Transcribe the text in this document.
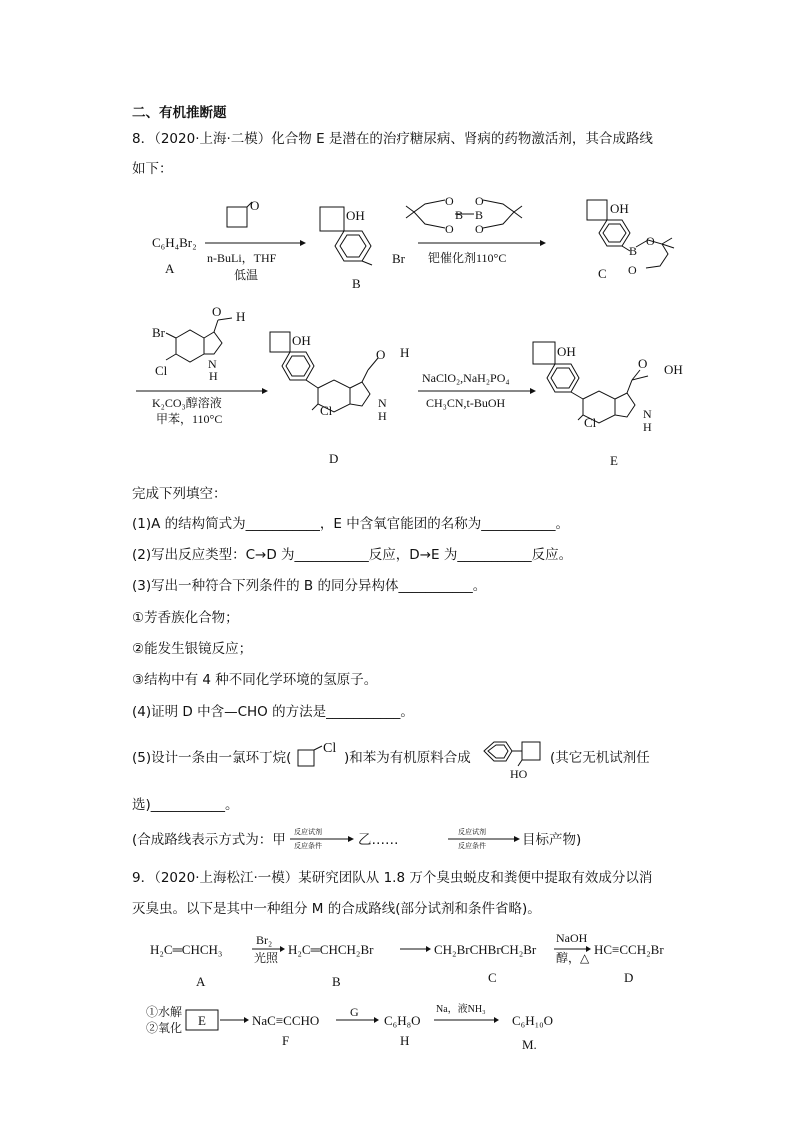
二、有机推断题
8．（2020·上海·二模）化合物 E 是潜在的治疗糖尿病、肾病的药物激活剂，其合成路线
如下：
C₆H₄Br₂
A
O
n-BuLi，THF
低温
OH
Br
B
O
O
O
O
B B
钯催化剂110°C
OH
B
O
O
C
Br
Cl
O H
N
H
K₂CO₃醇溶液
甲苯，110°C
OH
O H
Cl	N
H
D
NaClO₂,NaH₂PO₄
CH₃CN,t-BuOH
OH
O OH
Cl
N
H
E
完成下列填空：
(1)A 的结构简式为___________，E 中含氧官能团的名称为___________。
(2)写出反应类型：C→D 为___________反应，D→E 为___________反应。
(3)写出一种符合下列条件的 B 的同分异构体___________。
①芳香族化合物；
②能发生银镜反应；
③结构中有 4 种不同化学环境的氢原子。
(4)证明 D 中含—CHO 的方法是___________。
(5)设计一条由一氯环丁烷(
Cl
)和苯为有机原料合成
HO
(其它无机试剂任
选)___________。
(合成路线表示方式为：甲 反应试剂
反应条件	乙……	反应试剂
反应条件	目标产物)
9．（2020·上海松江·一模）某研究团队从 1.8 万个臭虫蜕皮和粪便中提取有效成分以消
灭臭虫。以下是其中一种组分 M 的合成路线(部分试剂和条件省略)。
H₂C═CHCH₃
Br₂
光照
H₂C═CHCH₂Br	CH₂BrCHBrCH₂Br
NaOH
醇，△
HC≡CCH₂Br
A	B	C	D
①水解
②氧化 E	NaC≡CCHO
F
G
C₆H₈O
H
Na，液NH₃
C₆H₁₀O
M.
